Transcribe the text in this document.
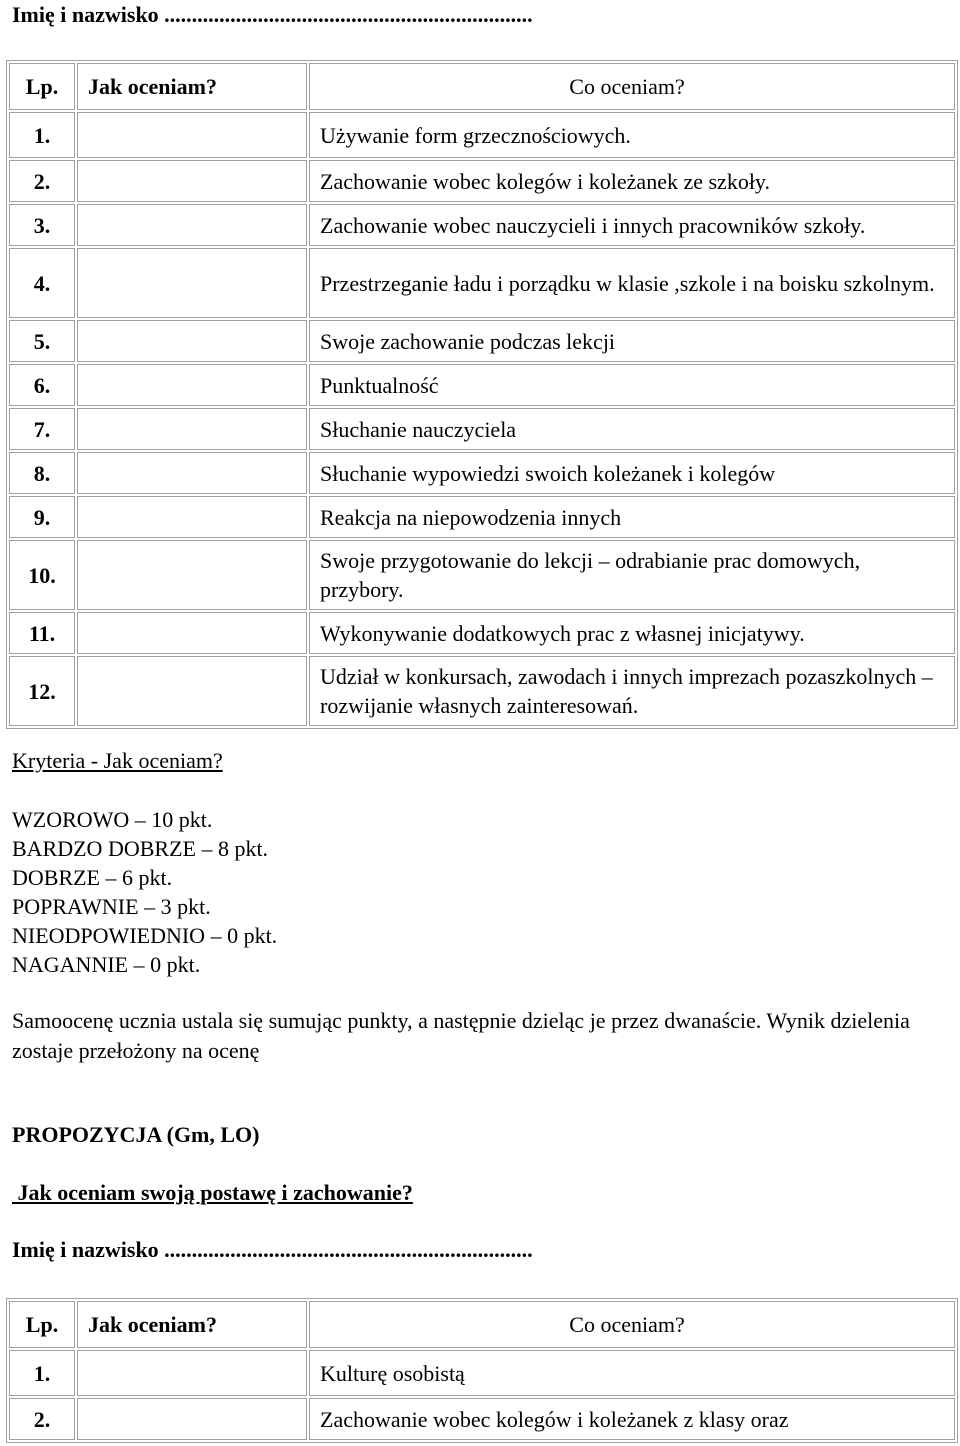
Imię i nazwisko ...................................................................
Lp.	Jak oceniam?	Co oceniam?
1.		Używanie form grzecznościowych.
2.		Zachowanie wobec kolegów i koleżanek ze szkoły.
3.		Zachowanie wobec nauczycieli i innych pracowników szkoły.
4.		Przestrzeganie ładu i porządku w klasie ,szkole i na boisku szkolnym.
5.		Swoje zachowanie podczas lekcji
6.		Punktualność
7.		Słuchanie nauczyciela
8.		Słuchanie wypowiedzi swoich koleżanek i kolegów
9.		Reakcja na niepowodzenia innych
10.		Swoje przygotowanie do lekcji – odrabianie prac domowych, przybory.
11.		Wykonywanie dodatkowych prac z własnej inicjatywy.
12.		Udział w konkursach, zawodach i innych imprezach pozaszkolnych – rozwijanie własnych zainteresowań.
Kryteria - Jak oceniam?
WZOROWO – 10 pkt.
BARDZO DOBRZE – 8 pkt.
DOBRZE – 6 pkt.
POPRAWNIE – 3 pkt.
NIEODPOWIEDNIO – 0 pkt.
NAGANNIE – 0 pkt.
Samoocenę ucznia ustala się sumując punkty, a następnie dzieląc je przez dwanaście. Wynik dzielenia zostaje przełożony na ocenę
PROPOZYCJA (Gm, LO)
Jak oceniam swoją postawę i zachowanie?
Imię i nazwisko ...................................................................
Lp.	Jak oceniam?	Co oceniam?
1.		Kulturę osobistą
2.		Zachowanie wobec kolegów i koleżanek z klasy oraz
